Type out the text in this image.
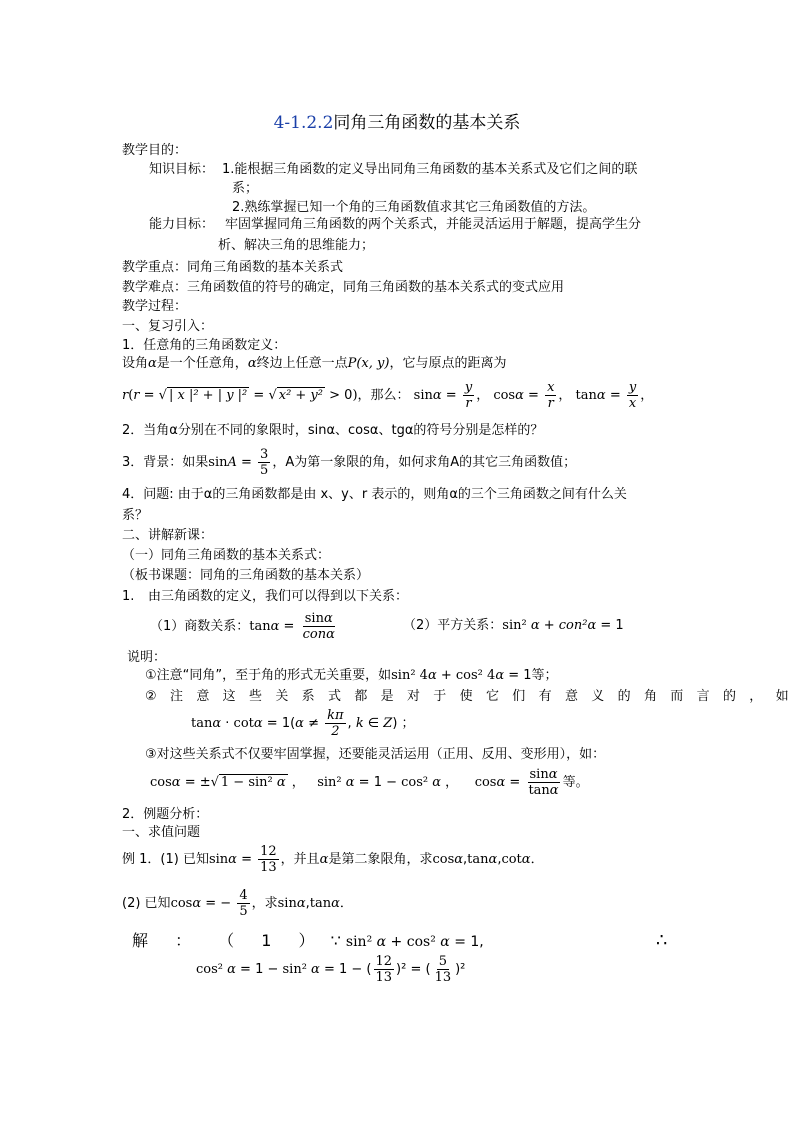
4-1.2.2同角三角函数的基本关系
教学目的：
知识目标： 1.能根据三角函数的定义导出同角三角函数的基本关系式及它们之间的联
系；
2.熟练掌握已知一个角的三角函数值求其它三角函数值的方法。
能力目标： 牢固掌握同角三角函数的两个关系式，并能灵活运用于解题，提高学生分
析、解决三角的思维能力；
教学重点：同角三角函数的基本关系式
教学难点：三角函数值的符号的确定，同角三角函数的基本关系式的变式应用
教学过程：
一、复习引入：
1．任意角的三角函数定义：
设角α是一个任意角，α终边上任意一点P(x, y)，它与原点的距离为
r(r = √ | x |² + | y |² = √ x² + y² > 0)，那么： $\sin\alpha = \frac{y}{r}$ ， $\cos\alpha = \frac{x}{r}$ ， $\tan\alpha = \frac{y}{x}$ ，
2．当角α分别在不同的象限时，sinα、cosα、tgα的符号分别是怎样的？
3．背景：如果$\sin A = \frac{3}{5}$ ，A为第一象限的角，如何求角A的其它三角函数值；
4．问题: 由于α的三角函数都是由 x、y、r 表示的，则角α的三个三角函数之间有什么关
系？
二、讲解新课：
（一）同角三角函数的基本关系式：
（板书课题：同角的三角函数的基本关系）
1. 由三角函数的定义，我们可以得到以下关系：
（1）商数关系：$\tan\alpha = \frac{\sin\alpha}{\text{conα}}$	（2）平方关系：sin² α + con²α = 1
说明：
①注意“同角”，至于角的形式无关重要，如sin² 4α + cos² 4α = 1等；
② 注 意 这 些 关 系 式 都 是 对 于 使 它 们 有 意 义 的 角 而 言 的 ， 如
$\tan\alpha \cdot \cot\alpha = 1(\alpha \ne \frac{k\pi}{2}$ , k ∈ Z) ；
③对这些关系式不仅要牢固掌握，还要能灵活运用（正用、反用、变形用），如：
cosα = ±√ 1 − sin² α ，   sin² α = 1 − cos² α ，    $\cos\alpha = \frac{\sin\alpha}{\tan\alpha}$ 等。
2．例题分析：
一、求值问题
例 1．(1) 已知$\sin\alpha = \frac{12}{13}$ ，并且α是第二象限角，求cosα,tanα,cotα．
(2) 已知cosα = − $\frac{4}{5}$ ，求sinα,tanα．
解 ： （ 1 ） ∵ sin² α + cos² α = 1,	∴
cos² α = 1 − sin² α = 1 − ( $\frac{12}{13} )^2$ = ( $\frac{5}{13} )^2$
